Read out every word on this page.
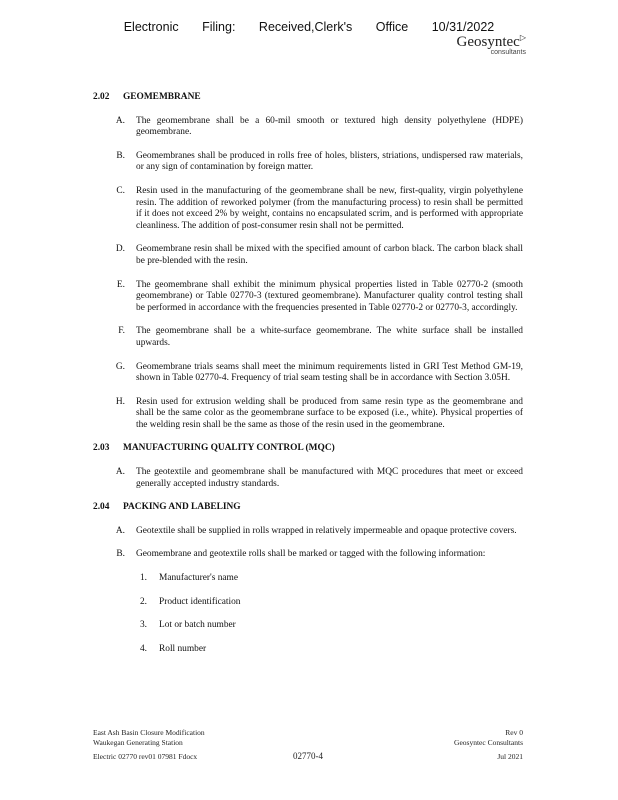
Electronic Filing: Received,Clerk's Office 10/31/2022
Geosyntec▷
consultants
2.02	GEOMEMBRANE
A.	The geomembrane shall be a 60-mil smooth or textured high density polyethylene (HDPE) geomembrane.
B.	Geomembranes shall be produced in rolls free of holes, blisters, striations, undispersed raw materials, or any sign of contamination by foreign matter.
C.	Resin used in the manufacturing of the geomembrane shall be new, first-quality, virgin polyethylene resin. The addition of reworked polymer (from the manufacturing process) to resin shall be permitted if it does not exceed 2% by weight, contains no encapsulated scrim, and is performed with appropriate cleanliness. The addition of post-consumer resin shall not be permitted.
D.	Geomembrane resin shall be mixed with the specified amount of carbon black. The carbon black shall be pre-blended with the resin.
E.	The geomembrane shall exhibit the minimum physical properties listed in Table 02770-2 (smooth geomembrane) or Table 02770-3 (textured geomembrane). Manufacturer quality control testing shall be performed in accordance with the frequencies presented in Table 02770-2 or 02770-3, accordingly.
F.	The geomembrane shall be a white-surface geomembrane. The white surface shall be installed upwards.
G.	Geomembrane trials seams shall meet the minimum requirements listed in GRI Test Method GM-19, shown in Table 02770-4. Frequency of trial seam testing shall be in accordance with Section 3.05H.
H.	Resin used for extrusion welding shall be produced from same resin type as the geomembrane and shall be the same color as the geomembrane surface to be exposed (i.e., white). Physical properties of the welding resin shall be the same as those of the resin used in the geomembrane.
2.03	MANUFACTURING QUALITY CONTROL (MQC)
A.	The geotextile and geomembrane shall be manufactured with MQC procedures that meet or exceed generally accepted industry standards.
2.04	PACKING AND LABELING
A.	Geotextile shall be supplied in rolls wrapped in relatively impermeable and opaque protective covers.
B.	Geomembrane and geotextile rolls shall be marked or tagged with the following information:
1.	Manufacturer's name
2.	Product identification
3.	Lot or batch number
4.	Roll number
East Ash Basin Closure Modification
Waukegan Generating Station
Electric 02770 rev01 07981 Fdocx	02770-4
Rev 0
Geosyntec Consultants
Jul 2021
